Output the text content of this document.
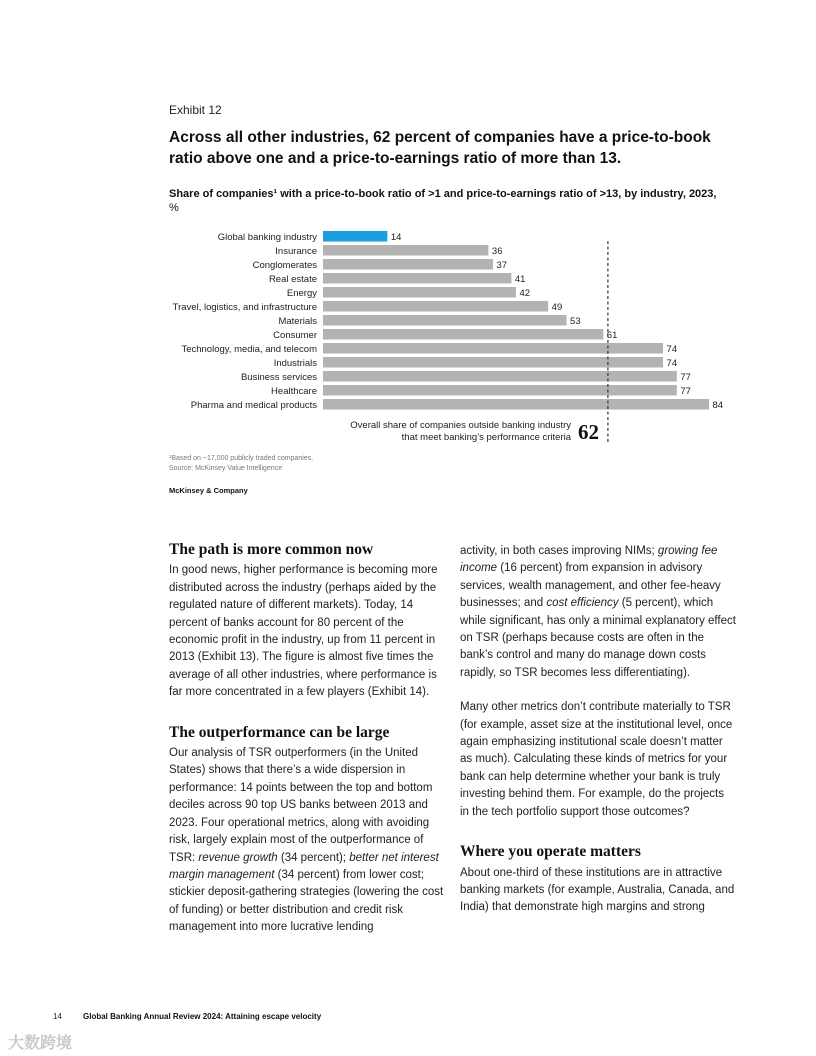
Exhibit 12
Across all other industries, 62 percent of companies have a price-to-book ratio above one and a price-to-earnings ratio of more than 13.
Share of companies¹ with a price-to-book ratio of >1 and price-to-earnings ratio of >13, by industry, 2023, %
Global banking industry	14
Insurance	36
Conglomerates	37
Real estate	41
Energy	42
Travel, logistics, and infrastructure	49
Materials	53
Consumer	61
Technology, media, and telecom	74
Industrials	74
Business services	77
Healthcare	77
Pharma and medical products	84
Overall share of companies outside banking industry
that meet banking’s performance criteria 62
¹Based on ~17,000 publicly traded companies.
Source: McKinsey Value Intelligence
McKinsey & Company
The path is more common now

In good news, higher performance is becoming more distributed across the industry (perhaps aided by the regulated nature of different markets). Today, 14 percent of banks account for 80 percent of the economic profit in the industry, up from 11 percent in 2013 (Exhibit 13). The figure is almost five times the average of all other industries, where performance is far more concentrated in a few players (Exhibit 14).

The outperformance can be large

Our analysis of TSR outperformers (in the United States) shows that there’s a wide dispersion in performance: 14 points between the top and bottom deciles across 90 top US banks between 2013 and 2023. Four operational metrics, along with avoiding risk, largely explain most of the outperformance of TSR: revenue growth (34 percent); better net interest margin management (34 percent) from lower cost; stickier deposit-gathering strategies (lowering the cost of funding) or better distribution and credit risk management into more lucrative lending

activity, in both cases improving NIMs; growing fee income (16 percent) from expansion in advisory services, wealth management, and other fee-heavy businesses; and cost efficiency (5 percent), which while significant, has only a minimal explanatory effect on TSR (perhaps because costs are often in the bank’s control and many do manage down costs rapidly, so TSR becomes less differentiating).

Many other metrics don’t contribute materially to TSR (for example, asset size at the institutional level, once again emphasizing institutional scale doesn’t matter as much). Calculating these kinds of metrics for your bank can help determine whether your bank is truly investing behind them. For example, do the projects in the tech portfolio support those outcomes?

Where you operate matters

About one-third of these institutions are in attractive banking markets (for example, Australia, Canada, and India) that demonstrate high margins and strong

14	Global Banking Annual Review 2024: Attaining escape velocity
大数跨境
